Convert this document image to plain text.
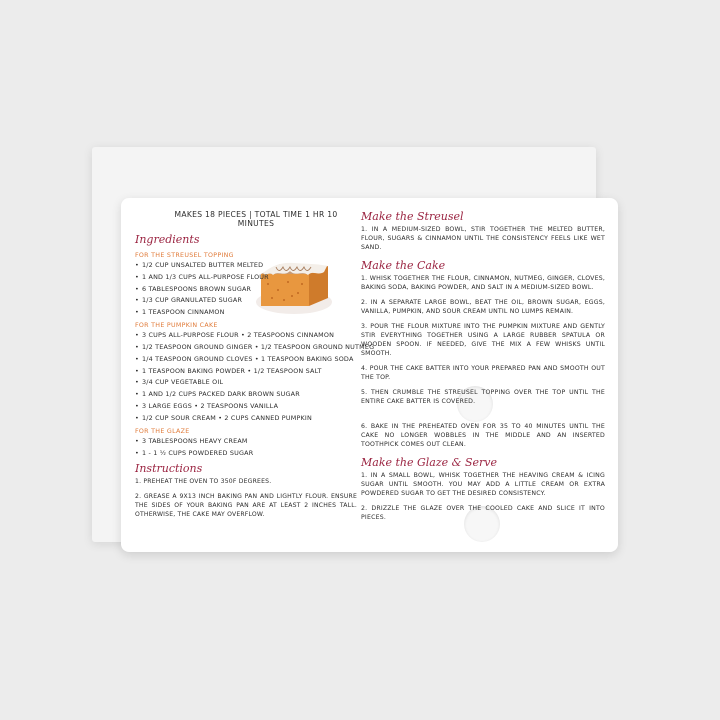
MAKES 18 PIECES | TOTAL TIME 1 HR 10 MINUTES
Ingredients
FOR THE STREUSEL TOPPING
• 1/2 CUP UNSALTED BUTTER MELTED
• 1 AND 1/3 CUPS ALL-PURPOSE FLOUR
• 6 TABLESPOONS BROWN SUGAR
• 1/3 CUP GRANULATED SUGAR
• 1 TEASPOON CINNAMON
FOR THE PUMPKIN CAKE
• 3 CUPS ALL-PURPOSE FLOUR • 2 TEASPOONS CINNAMON
• 1/2 TEASPOON GROUND GINGER • 1/2 TEASPOON GROUND NUTMEG
• 1/4 TEASPOON GROUND CLOVES • 1 TEASPOON BAKING SODA
• 1 TEASPOON BAKING POWDER • 1/2 TEASPOON SALT
• 3/4 CUP VEGETABLE OIL
• 1 AND 1/2 CUPS PACKED DARK BROWN SUGAR
• 3 LARGE EGGS • 2 TEASPOONS VANILLA
• 1/2 CUP SOUR CREAM • 2 CUPS CANNED PUMPKIN
FOR THE GLAZE
• 3 TABLESPOONS HEAVY CREAM
• 1 - 1 ½ CUPS POWDERED SUGAR
Instructions

1. PREHEAT THE OVEN TO 350F DEGREES.

2. GREASE A 9X13 INCH BAKING PAN AND LIGHTLY FLOUR. ENSURE THE SIDES OF YOUR BAKING PAN ARE AT LEAST 2 INCHES TALL. OTHERWISE, THE CAKE MAY OVERFLOW.

Make the Streusel

1. IN A MEDIUM-SIZED BOWL, STIR TOGETHER THE MELTED BUTTER, FLOUR, SUGARS & CINNAMON UNTIL THE CONSISTENCY FEELS LIKE WET SAND.

Make the Cake

1. WHISK TOGETHER THE FLOUR, CINNAMON, NUTMEG, GINGER, CLOVES, BAKING SODA, BAKING POWDER, AND SALT IN A MEDIUM-SIZED BOWL.

2. IN A SEPARATE LARGE BOWL, BEAT THE OIL, BROWN SUGAR, EGGS, VANILLA, PUMPKIN, AND SOUR CREAM UNTIL NO LUMPS REMAIN.

3. POUR THE FLOUR MIXTURE INTO THE PUMPKIN MIXTURE AND GENTLY STIR EVERYTHING TOGETHER USING A LARGE RUBBER SPATULA OR WOODEN SPOON. IF NEEDED, GIVE THE MIX A FEW WHISKS UNTIL SMOOTH.

4. POUR THE CAKE BATTER INTO YOUR PREPARED PAN AND SMOOTH OUT THE TOP.

5. THEN CRUMBLE THE STREUSEL TOPPING OVER THE TOP UNTIL THE ENTIRE CAKE BATTER IS COVERED.

6. BAKE IN THE PREHEATED OVEN FOR 35 TO 40 MINUTES UNTIL THE CAKE NO LONGER WOBBLES IN THE MIDDLE AND AN INSERTED TOOTHPICK COMES OUT CLEAN.

Make the Glaze & Serve

1. IN A SMALL BOWL, WHISK TOGETHER THE HEAVING CREAM & ICING SUGAR UNTIL SMOOTH. YOU MAY ADD A LITTLE CREAM OR EXTRA POWDERED SUGAR TO GET THE DESIRED CONSISTENCY.

2. DRIZZLE THE GLAZE OVER THE COOLED CAKE AND SLICE IT INTO PIECES.
